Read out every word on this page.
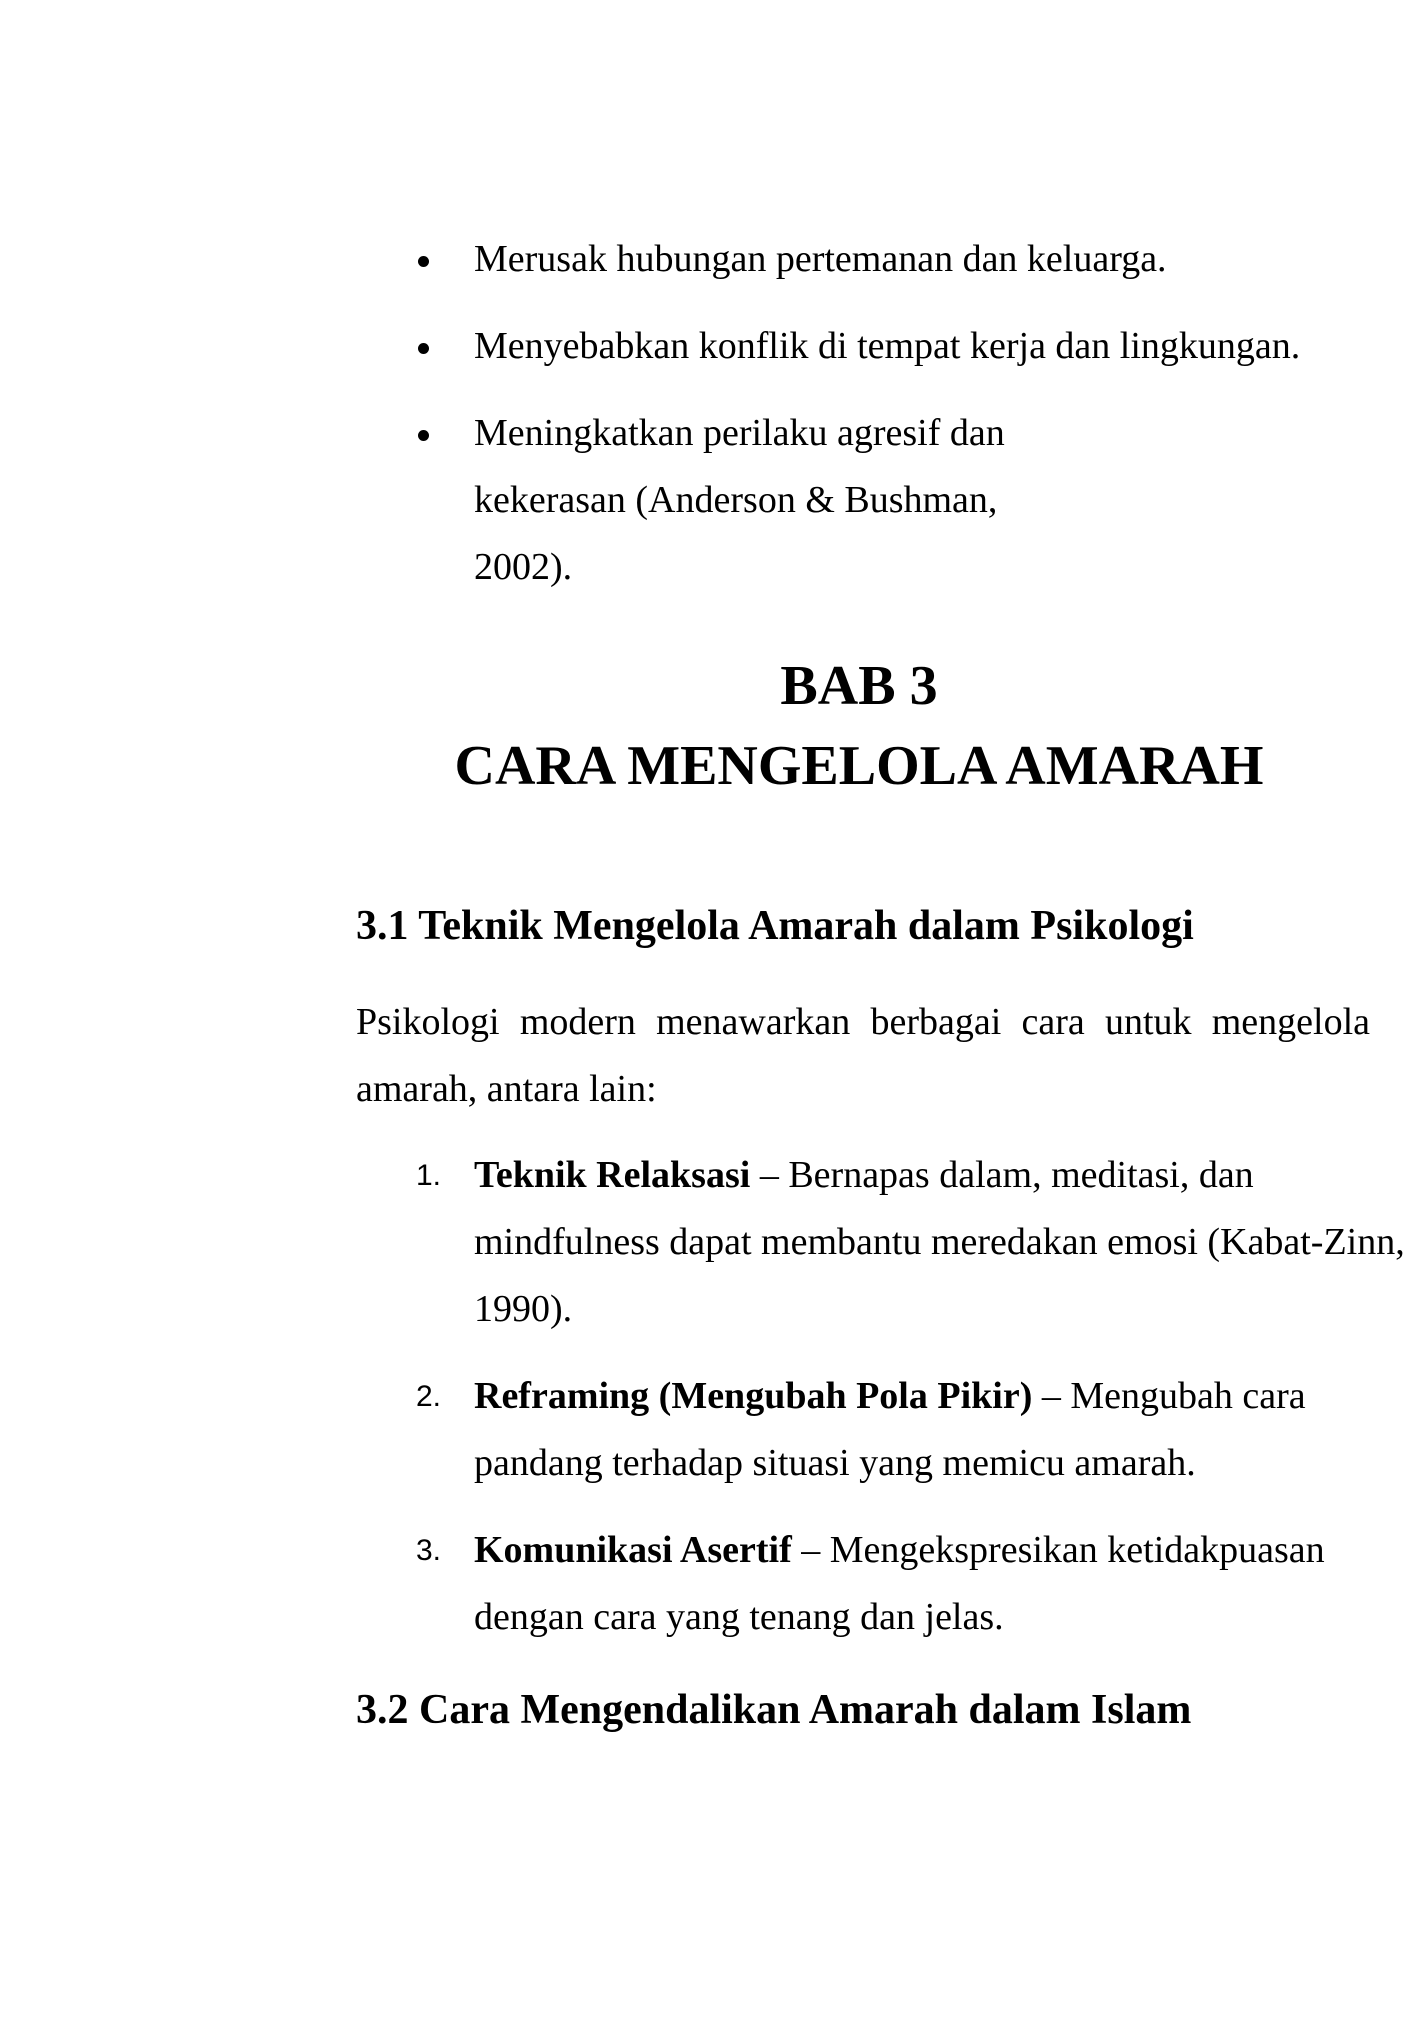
Merusak hubungan pertemanan dan keluarga.
Menyebabkan konflik di tempat kerja dan lingkungan.
Meningkatkan perilaku agresif dan kekerasan (Anderson & Bushman, 2002).
BAB 3
CARA MENGELOLA AMARAH
3.1 Teknik Mengelola Amarah dalam Psikologi
Psikologi modern menawarkan berbagai cara untuk mengelola
amarah, antara lain:
1. Teknik Relaksasi – Bernapas dalam, meditasi, dan mindfulness dapat membantu meredakan emosi (Kabat-Zinn, 1990).
2. Reframing (Mengubah Pola Pikir) – Mengubah cara pandang terhadap situasi yang memicu amarah.
3. Komunikasi Asertif – Mengekspresikan ketidakpuasan dengan cara yang tenang dan jelas.
3.2 Cara Mengendalikan Amarah dalam Islam
